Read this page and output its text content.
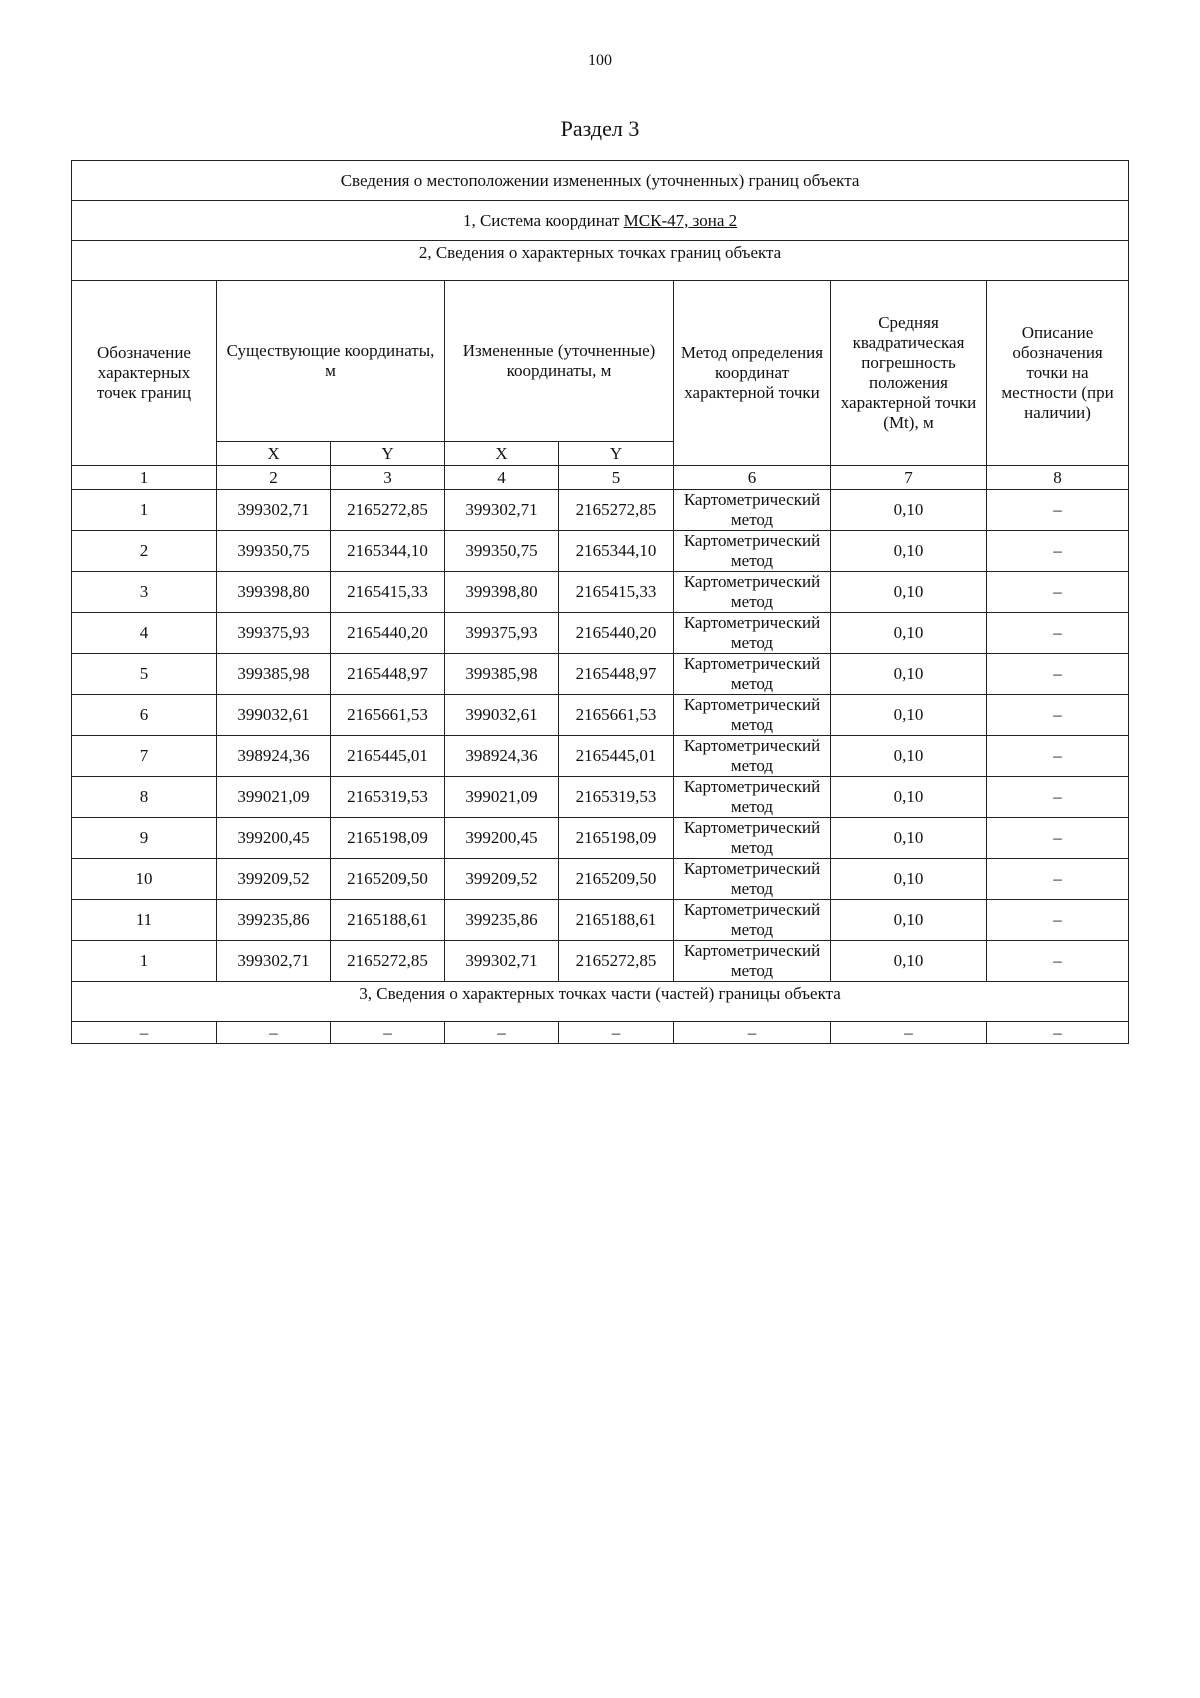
100
Раздел 3
Сведения о местоположении измененных (уточненных) границ объекта							
1, Система координат МСК-47, зона 2							
2, Сведения о характерных точках границ объекта							
Обозначение характерных точек границ	Существующие координаты, м		Измененные (уточненные) координаты, м		Метод определения координат характерной точки	Средняя квадратическая погрешность положения характерной точки (Mt), м	Описание обозначения точки на местности (при наличии)
	X	Y	X	Y			
1	2	3	4	5	6	7	8
1	399302,71	2165272,85	399302,71	2165272,85	Картометрический метод	0,10	–
2	399350,75	2165344,10	399350,75	2165344,10	Картометрический метод	0,10	–
3	399398,80	2165415,33	399398,80	2165415,33	Картометрический метод	0,10	–
4	399375,93	2165440,20	399375,93	2165440,20	Картометрический метод	0,10	–
5	399385,98	2165448,97	399385,98	2165448,97	Картометрический метод	0,10	–
6	399032,61	2165661,53	399032,61	2165661,53	Картометрический метод	0,10	–
7	398924,36	2165445,01	398924,36	2165445,01	Картометрический метод	0,10	–
8	399021,09	2165319,53	399021,09	2165319,53	Картометрический метод	0,10	–
9	399200,45	2165198,09	399200,45	2165198,09	Картометрический метод	0,10	–
10	399209,52	2165209,50	399209,52	2165209,50	Картометрический метод	0,10	–
11	399235,86	2165188,61	399235,86	2165188,61	Картометрический метод	0,10	–
1	399302,71	2165272,85	399302,71	2165272,85	Картометрический метод	0,10	–
3, Сведения о характерных точках части (частей) границы объекта							
–	–	–	–	–	–	–	–
